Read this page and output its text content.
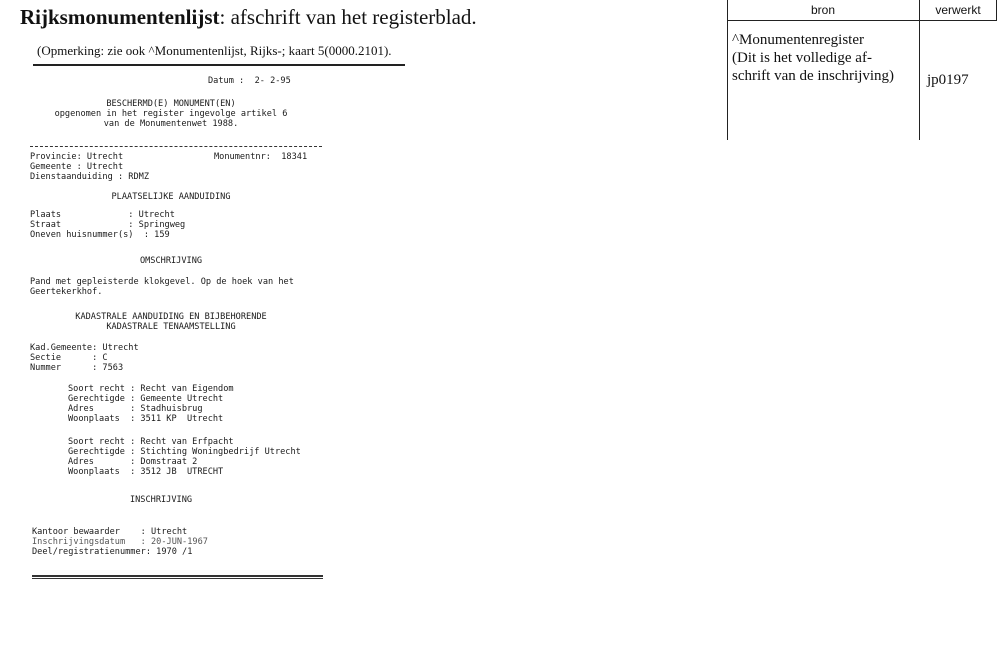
Rijksmonumentenlijst: afschrift van het registerblad.
(Opmerking: zie ook ^Monumentenlijst, Rijks-; kaart 5(0000.2101).
Datum :  2- 2-95
BESCHERMD(E) MONUMENT(EN)
opgenomen in het register ingevolge artikel 6
van de Monumentenwet 1988.
Provincie: Utrecht	Monumentnr:  18341
Gemeente : Utrecht
Dienstaanduiding : RDMZ
PLAATSELIJKE AANDUIDING
Plaats             : Utrecht
Straat             : Springweg
Oneven huisnummer(s)  : 159
OMSCHRIJVING
Pand met gepleisterde klokgevel. Op de hoek van het
Geertekerkhof.
KADASTRALE AANDUIDING EN BIJBEHORENDE
KADASTRALE TENAAMSTELLING
Kad.Gemeente: Utrecht
Sectie      : C
Nummer      : 7563
Soort recht : Recht van Eigendom
Gerechtigde : Gemeente Utrecht
Adres       : Stadhuisbrug
Woonplaats  : 3511 KP  Utrecht
Soort recht : Recht van Erfpacht
Gerechtigde : Stichting Woningbedrijf Utrecht
Adres       : Domstraat 2
Woonplaats  : 3512 JB  UTRECHT
INSCHRIJVING
Kantoor bewaarder    : Utrecht
Inschrijvingsdatum   : 20-JUN-1967
Deel/registratienummer: 1970 /1
bron	verwerkt
^Monumentenregister
(Dit is het volledige af-
schrift van de inschrijving) jp0197
